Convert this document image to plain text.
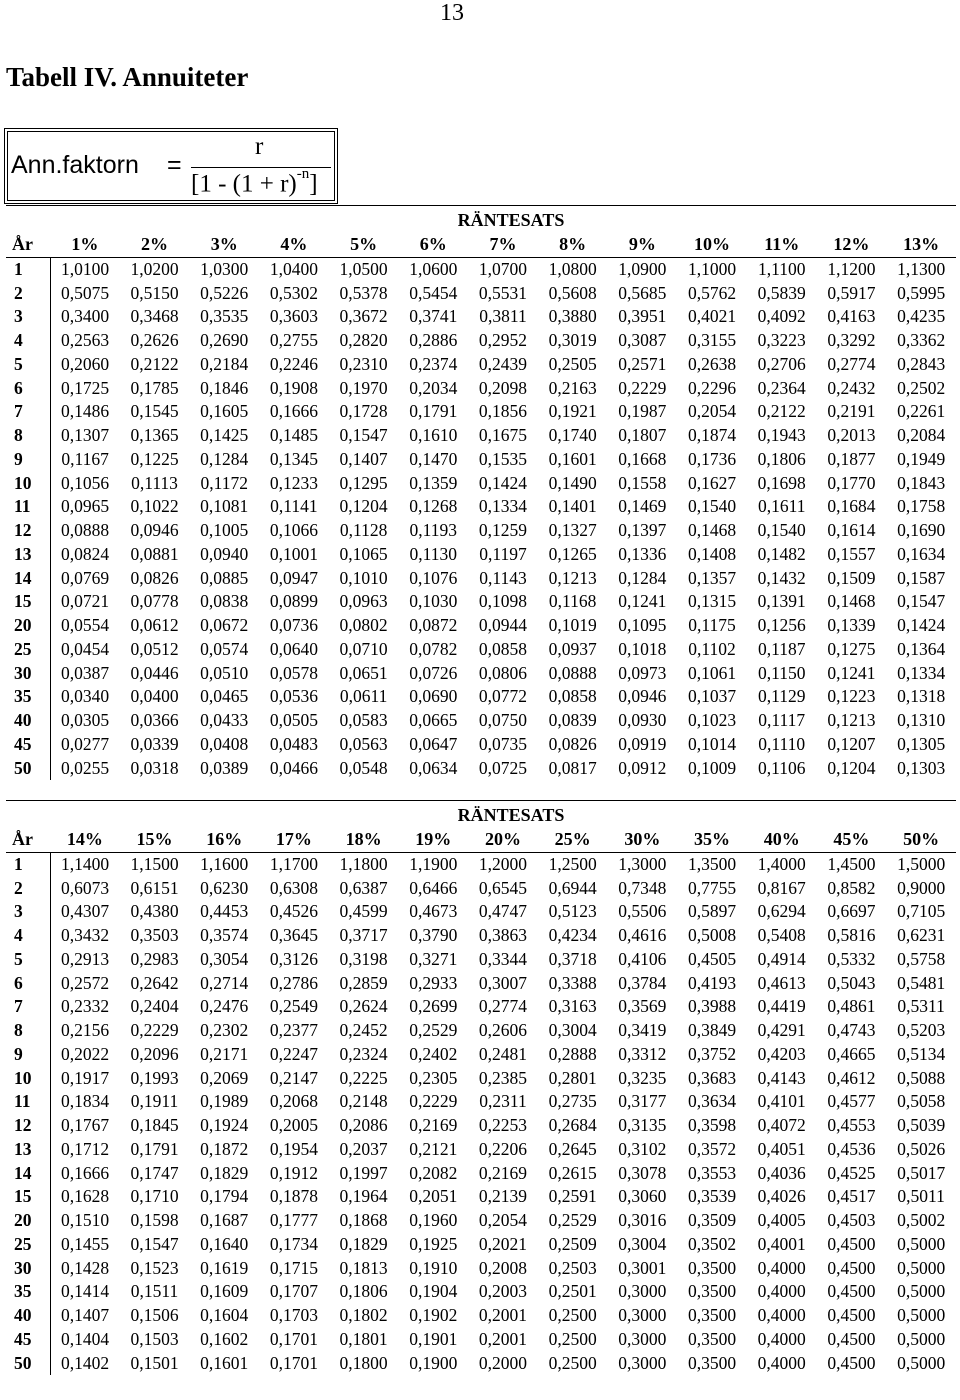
13
Tabell IV. Annuiteter
Ann.faktorn =
r
$[1 - (1 + r)^{-n}]$
RÄNTESATS
År	1%	2%	3%	4%	5%	6%	7%	8%	9%	10%	11%	12%	13%
1	1,0100	1,0200	1,0300	1,0400	1,0500	1,0600	1,0700	1,0800	1,0900	1,1000	1,1100	1,1200	1,1300
2	0,5075	0,5150	0,5226	0,5302	0,5378	0,5454	0,5531	0,5608	0,5685	0,5762	0,5839	0,5917	0,5995
3	0,3400	0,3468	0,3535	0,3603	0,3672	0,3741	0,3811	0,3880	0,3951	0,4021	0,4092	0,4163	0,4235
4	0,2563	0,2626	0,2690	0,2755	0,2820	0,2886	0,2952	0,3019	0,3087	0,3155	0,3223	0,3292	0,3362
5	0,2060	0,2122	0,2184	0,2246	0,2310	0,2374	0,2439	0,2505	0,2571	0,2638	0,2706	0,2774	0,2843
6	0,1725	0,1785	0,1846	0,1908	0,1970	0,2034	0,2098	0,2163	0,2229	0,2296	0,2364	0,2432	0,2502
7	0,1486	0,1545	0,1605	0,1666	0,1728	0,1791	0,1856	0,1921	0,1987	0,2054	0,2122	0,2191	0,2261
8	0,1307	0,1365	0,1425	0,1485	0,1547	0,1610	0,1675	0,1740	0,1807	0,1874	0,1943	0,2013	0,2084
9	0,1167	0,1225	0,1284	0,1345	0,1407	0,1470	0,1535	0,1601	0,1668	0,1736	0,1806	0,1877	0,1949
10	0,1056	0,1113	0,1172	0,1233	0,1295	0,1359	0,1424	0,1490	0,1558	0,1627	0,1698	0,1770	0,1843
11	0,0965	0,1022	0,1081	0,1141	0,1204	0,1268	0,1334	0,1401	0,1469	0,1540	0,1611	0,1684	0,1758
12	0,0888	0,0946	0,1005	0,1066	0,1128	0,1193	0,1259	0,1327	0,1397	0,1468	0,1540	0,1614	0,1690
13	0,0824	0,0881	0,0940	0,1001	0,1065	0,1130	0,1197	0,1265	0,1336	0,1408	0,1482	0,1557	0,1634
14	0,0769	0,0826	0,0885	0,0947	0,1010	0,1076	0,1143	0,1213	0,1284	0,1357	0,1432	0,1509	0,1587
15	0,0721	0,0778	0,0838	0,0899	0,0963	0,1030	0,1098	0,1168	0,1241	0,1315	0,1391	0,1468	0,1547
20	0,0554	0,0612	0,0672	0,0736	0,0802	0,0872	0,0944	0,1019	0,1095	0,1175	0,1256	0,1339	0,1424
25	0,0454	0,0512	0,0574	0,0640	0,0710	0,0782	0,0858	0,0937	0,1018	0,1102	0,1187	0,1275	0,1364
30	0,0387	0,0446	0,0510	0,0578	0,0651	0,0726	0,0806	0,0888	0,0973	0,1061	0,1150	0,1241	0,1334
35	0,0340	0,0400	0,0465	0,0536	0,0611	0,0690	0,0772	0,0858	0,0946	0,1037	0,1129	0,1223	0,1318
40	0,0305	0,0366	0,0433	0,0505	0,0583	0,0665	0,0750	0,0839	0,0930	0,1023	0,1117	0,1213	0,1310
45	0,0277	0,0339	0,0408	0,0483	0,0563	0,0647	0,0735	0,0826	0,0919	0,1014	0,1110	0,1207	0,1305
50	0,0255	0,0318	0,0389	0,0466	0,0548	0,0634	0,0725	0,0817	0,0912	0,1009	0,1106	0,1204	0,1303
RÄNTESATS
År	14%	15%	16%	17%	18%	19%	20%	25%	30%	35%	40%	45%	50%
1	1,1400	1,1500	1,1600	1,1700	1,1800	1,1900	1,2000	1,2500	1,3000	1,3500	1,4000	1,4500	1,5000
2	0,6073	0,6151	0,6230	0,6308	0,6387	0,6466	0,6545	0,6944	0,7348	0,7755	0,8167	0,8582	0,9000
3	0,4307	0,4380	0,4453	0,4526	0,4599	0,4673	0,4747	0,5123	0,5506	0,5897	0,6294	0,6697	0,7105
4	0,3432	0,3503	0,3574	0,3645	0,3717	0,3790	0,3863	0,4234	0,4616	0,5008	0,5408	0,5816	0,6231
5	0,2913	0,2983	0,3054	0,3126	0,3198	0,3271	0,3344	0,3718	0,4106	0,4505	0,4914	0,5332	0,5758
6	0,2572	0,2642	0,2714	0,2786	0,2859	0,2933	0,3007	0,3388	0,3784	0,4193	0,4613	0,5043	0,5481
7	0,2332	0,2404	0,2476	0,2549	0,2624	0,2699	0,2774	0,3163	0,3569	0,3988	0,4419	0,4861	0,5311
8	0,2156	0,2229	0,2302	0,2377	0,2452	0,2529	0,2606	0,3004	0,3419	0,3849	0,4291	0,4743	0,5203
9	0,2022	0,2096	0,2171	0,2247	0,2324	0,2402	0,2481	0,2888	0,3312	0,3752	0,4203	0,4665	0,5134
10	0,1917	0,1993	0,2069	0,2147	0,2225	0,2305	0,2385	0,2801	0,3235	0,3683	0,4143	0,4612	0,5088
11	0,1834	0,1911	0,1989	0,2068	0,2148	0,2229	0,2311	0,2735	0,3177	0,3634	0,4101	0,4577	0,5058
12	0,1767	0,1845	0,1924	0,2005	0,2086	0,2169	0,2253	0,2684	0,3135	0,3598	0,4072	0,4553	0,5039
13	0,1712	0,1791	0,1872	0,1954	0,2037	0,2121	0,2206	0,2645	0,3102	0,3572	0,4051	0,4536	0,5026
14	0,1666	0,1747	0,1829	0,1912	0,1997	0,2082	0,2169	0,2615	0,3078	0,3553	0,4036	0,4525	0,5017
15	0,1628	0,1710	0,1794	0,1878	0,1964	0,2051	0,2139	0,2591	0,3060	0,3539	0,4026	0,4517	0,5011
20	0,1510	0,1598	0,1687	0,1777	0,1868	0,1960	0,2054	0,2529	0,3016	0,3509	0,4005	0,4503	0,5002
25	0,1455	0,1547	0,1640	0,1734	0,1829	0,1925	0,2021	0,2509	0,3004	0,3502	0,4001	0,4500	0,5000
30	0,1428	0,1523	0,1619	0,1715	0,1813	0,1910	0,2008	0,2503	0,3001	0,3500	0,4000	0,4500	0,5000
35	0,1414	0,1511	0,1609	0,1707	0,1806	0,1904	0,2003	0,2501	0,3000	0,3500	0,4000	0,4500	0,5000
40	0,1407	0,1506	0,1604	0,1703	0,1802	0,1902	0,2001	0,2500	0,3000	0,3500	0,4000	0,4500	0,5000
45	0,1404	0,1503	0,1602	0,1701	0,1801	0,1901	0,2001	0,2500	0,3000	0,3500	0,4000	0,4500	0,5000
50	0,1402	0,1501	0,1601	0,1701	0,1800	0,1900	0,2000	0,2500	0,3000	0,3500	0,4000	0,4500	0,5000
